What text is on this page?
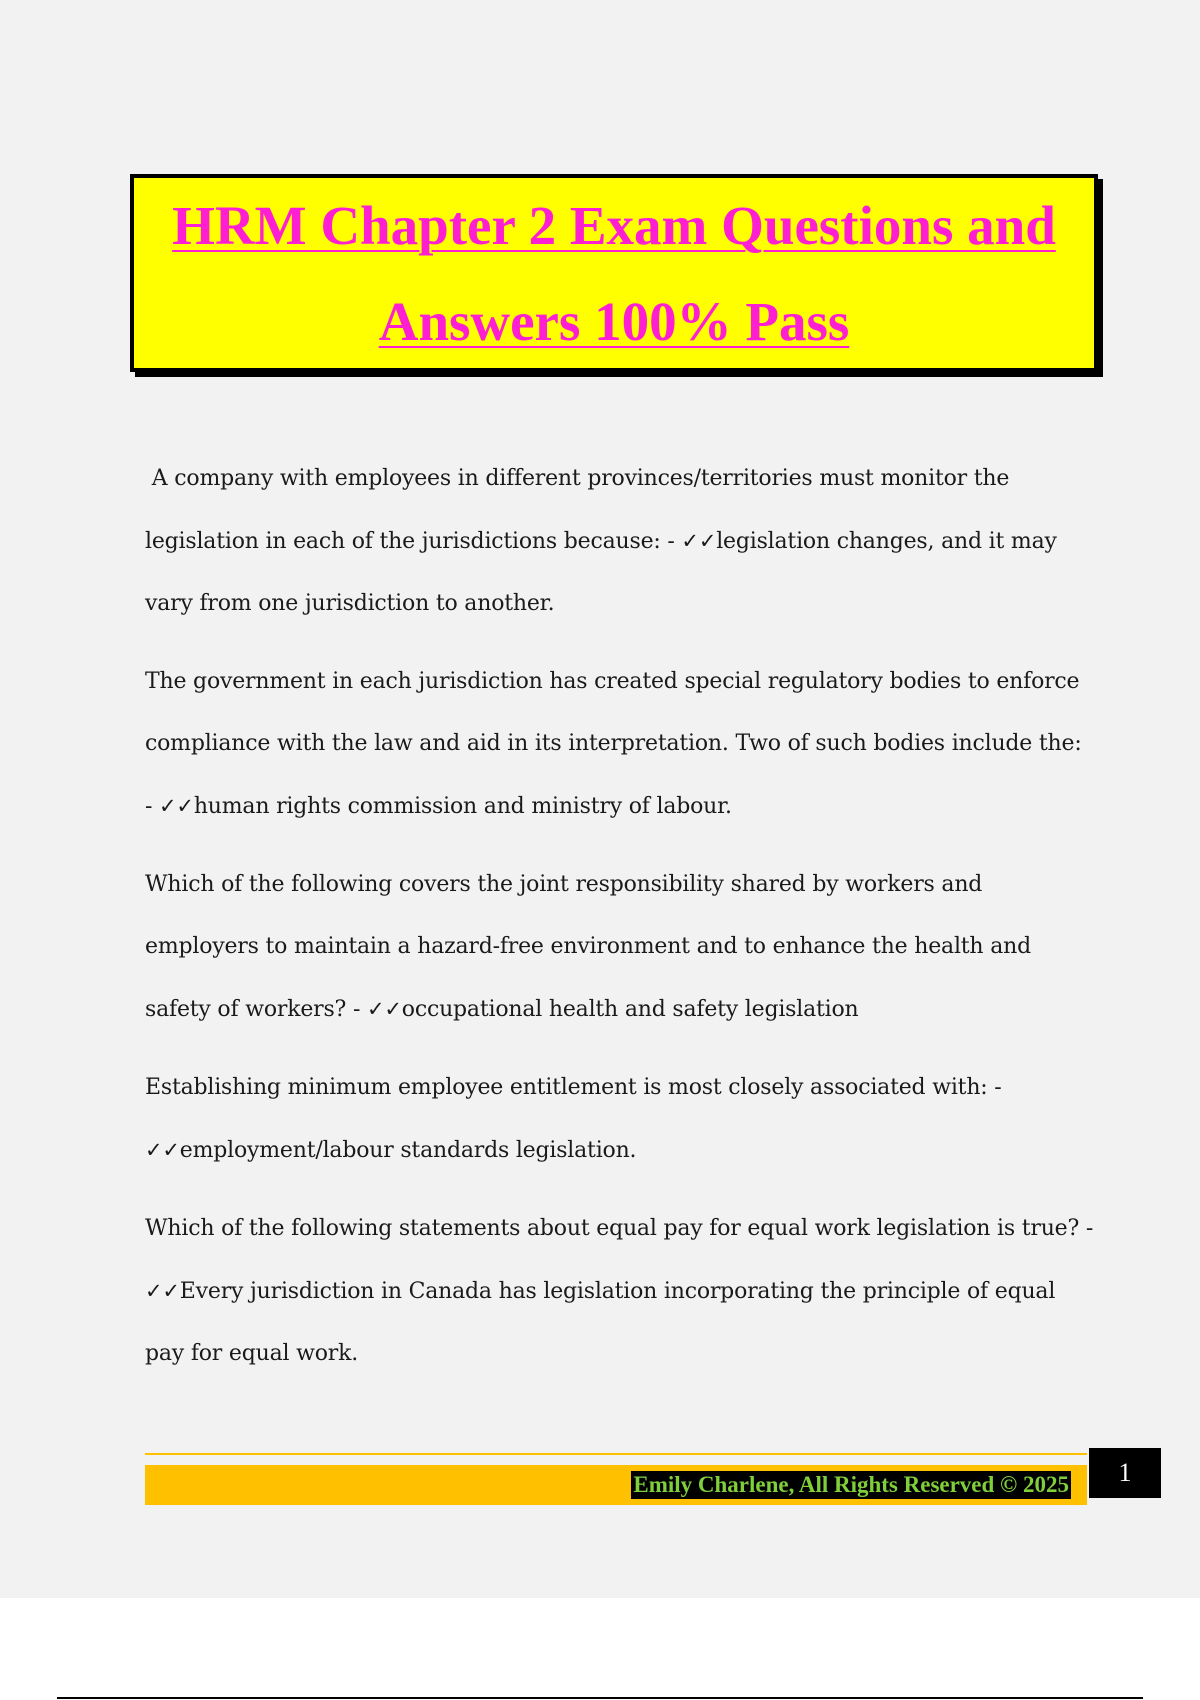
HRM Chapter 2 Exam Questions and
Answers 100% Pass

A company with employees in different provinces/territories must monitor the legislation in each of the jurisdictions because: - ✓✓legislation changes, and it may vary from one jurisdiction to another.

The government in each jurisdiction has created special regulatory bodies to enforce compliance with the law and aid in its interpretation. Two of such bodies include the: - ✓✓human rights commission and ministry of labour.

Which of the following covers the joint responsibility shared by workers and employers to maintain a hazard-free environment and to enhance the health and safety of workers? - ✓✓occupational health and safety legislation

Establishing minimum employee entitlement is most closely associated with: - ✓✓employment/labour standards legislation.

Which of the following statements about equal pay for equal work legislation is true? - ✓✓Every jurisdiction in Canada has legislation incorporating the principle of equal pay for equal work.

Emily Charlene, All Rights Reserved © 2025	1
